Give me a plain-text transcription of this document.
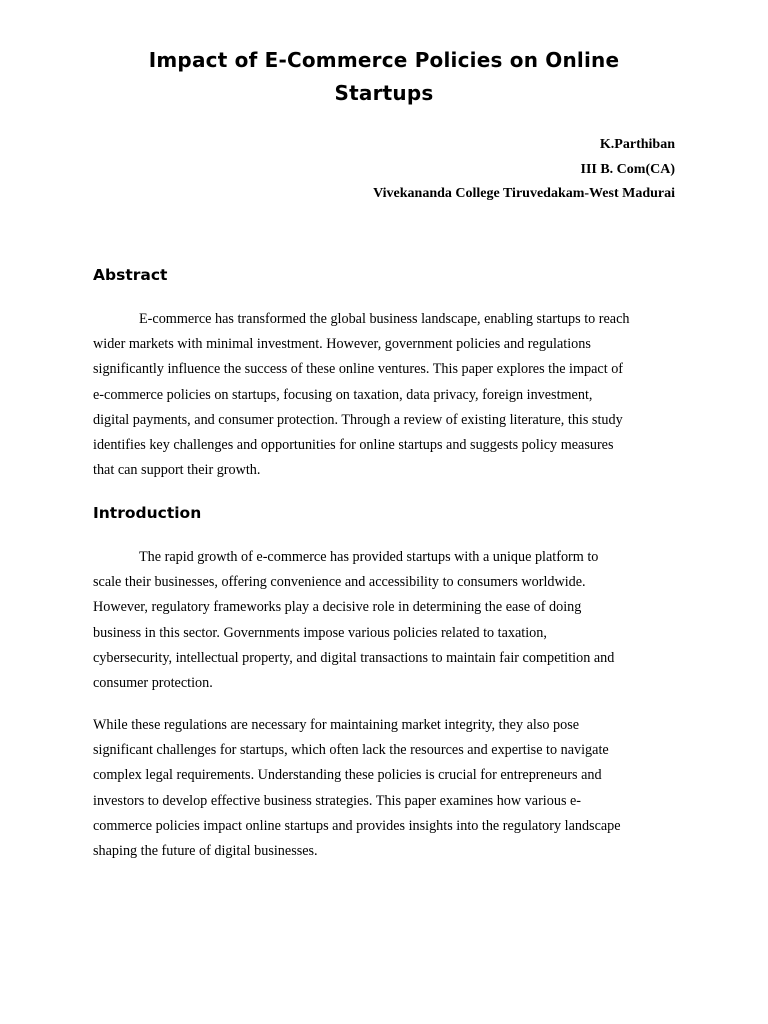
Impact of E-Commerce Policies on Online
Startups
K.Parthiban
III B. Com(CA)
Vivekananda College Tiruvedakam-West Madurai
Abstract

E-commerce has transformed the global business landscape, enabling startups to reach
wider markets with minimal investment. However, government policies and regulations
significantly influence the success of these online ventures. This paper explores the impact of
e-commerce policies on startups, focusing on taxation, data privacy, foreign investment,
digital payments, and consumer protection. Through a review of existing literature, this study
identifies key challenges and opportunities for online startups and suggests policy measures
that can support their growth.

Introduction

The rapid growth of e-commerce has provided startups with a unique platform to
scale their businesses, offering convenience and accessibility to consumers worldwide.
However, regulatory frameworks play a decisive role in determining the ease of doing
business in this sector. Governments impose various policies related to taxation,
cybersecurity, intellectual property, and digital transactions to maintain fair competition and
consumer protection.

While these regulations are necessary for maintaining market integrity, they also pose
significant challenges for startups, which often lack the resources and expertise to navigate
complex legal requirements. Understanding these policies is crucial for entrepreneurs and
investors to develop effective business strategies. This paper examines how various e-
commerce policies impact online startups and provides insights into the regulatory landscape
shaping the future of digital businesses.
